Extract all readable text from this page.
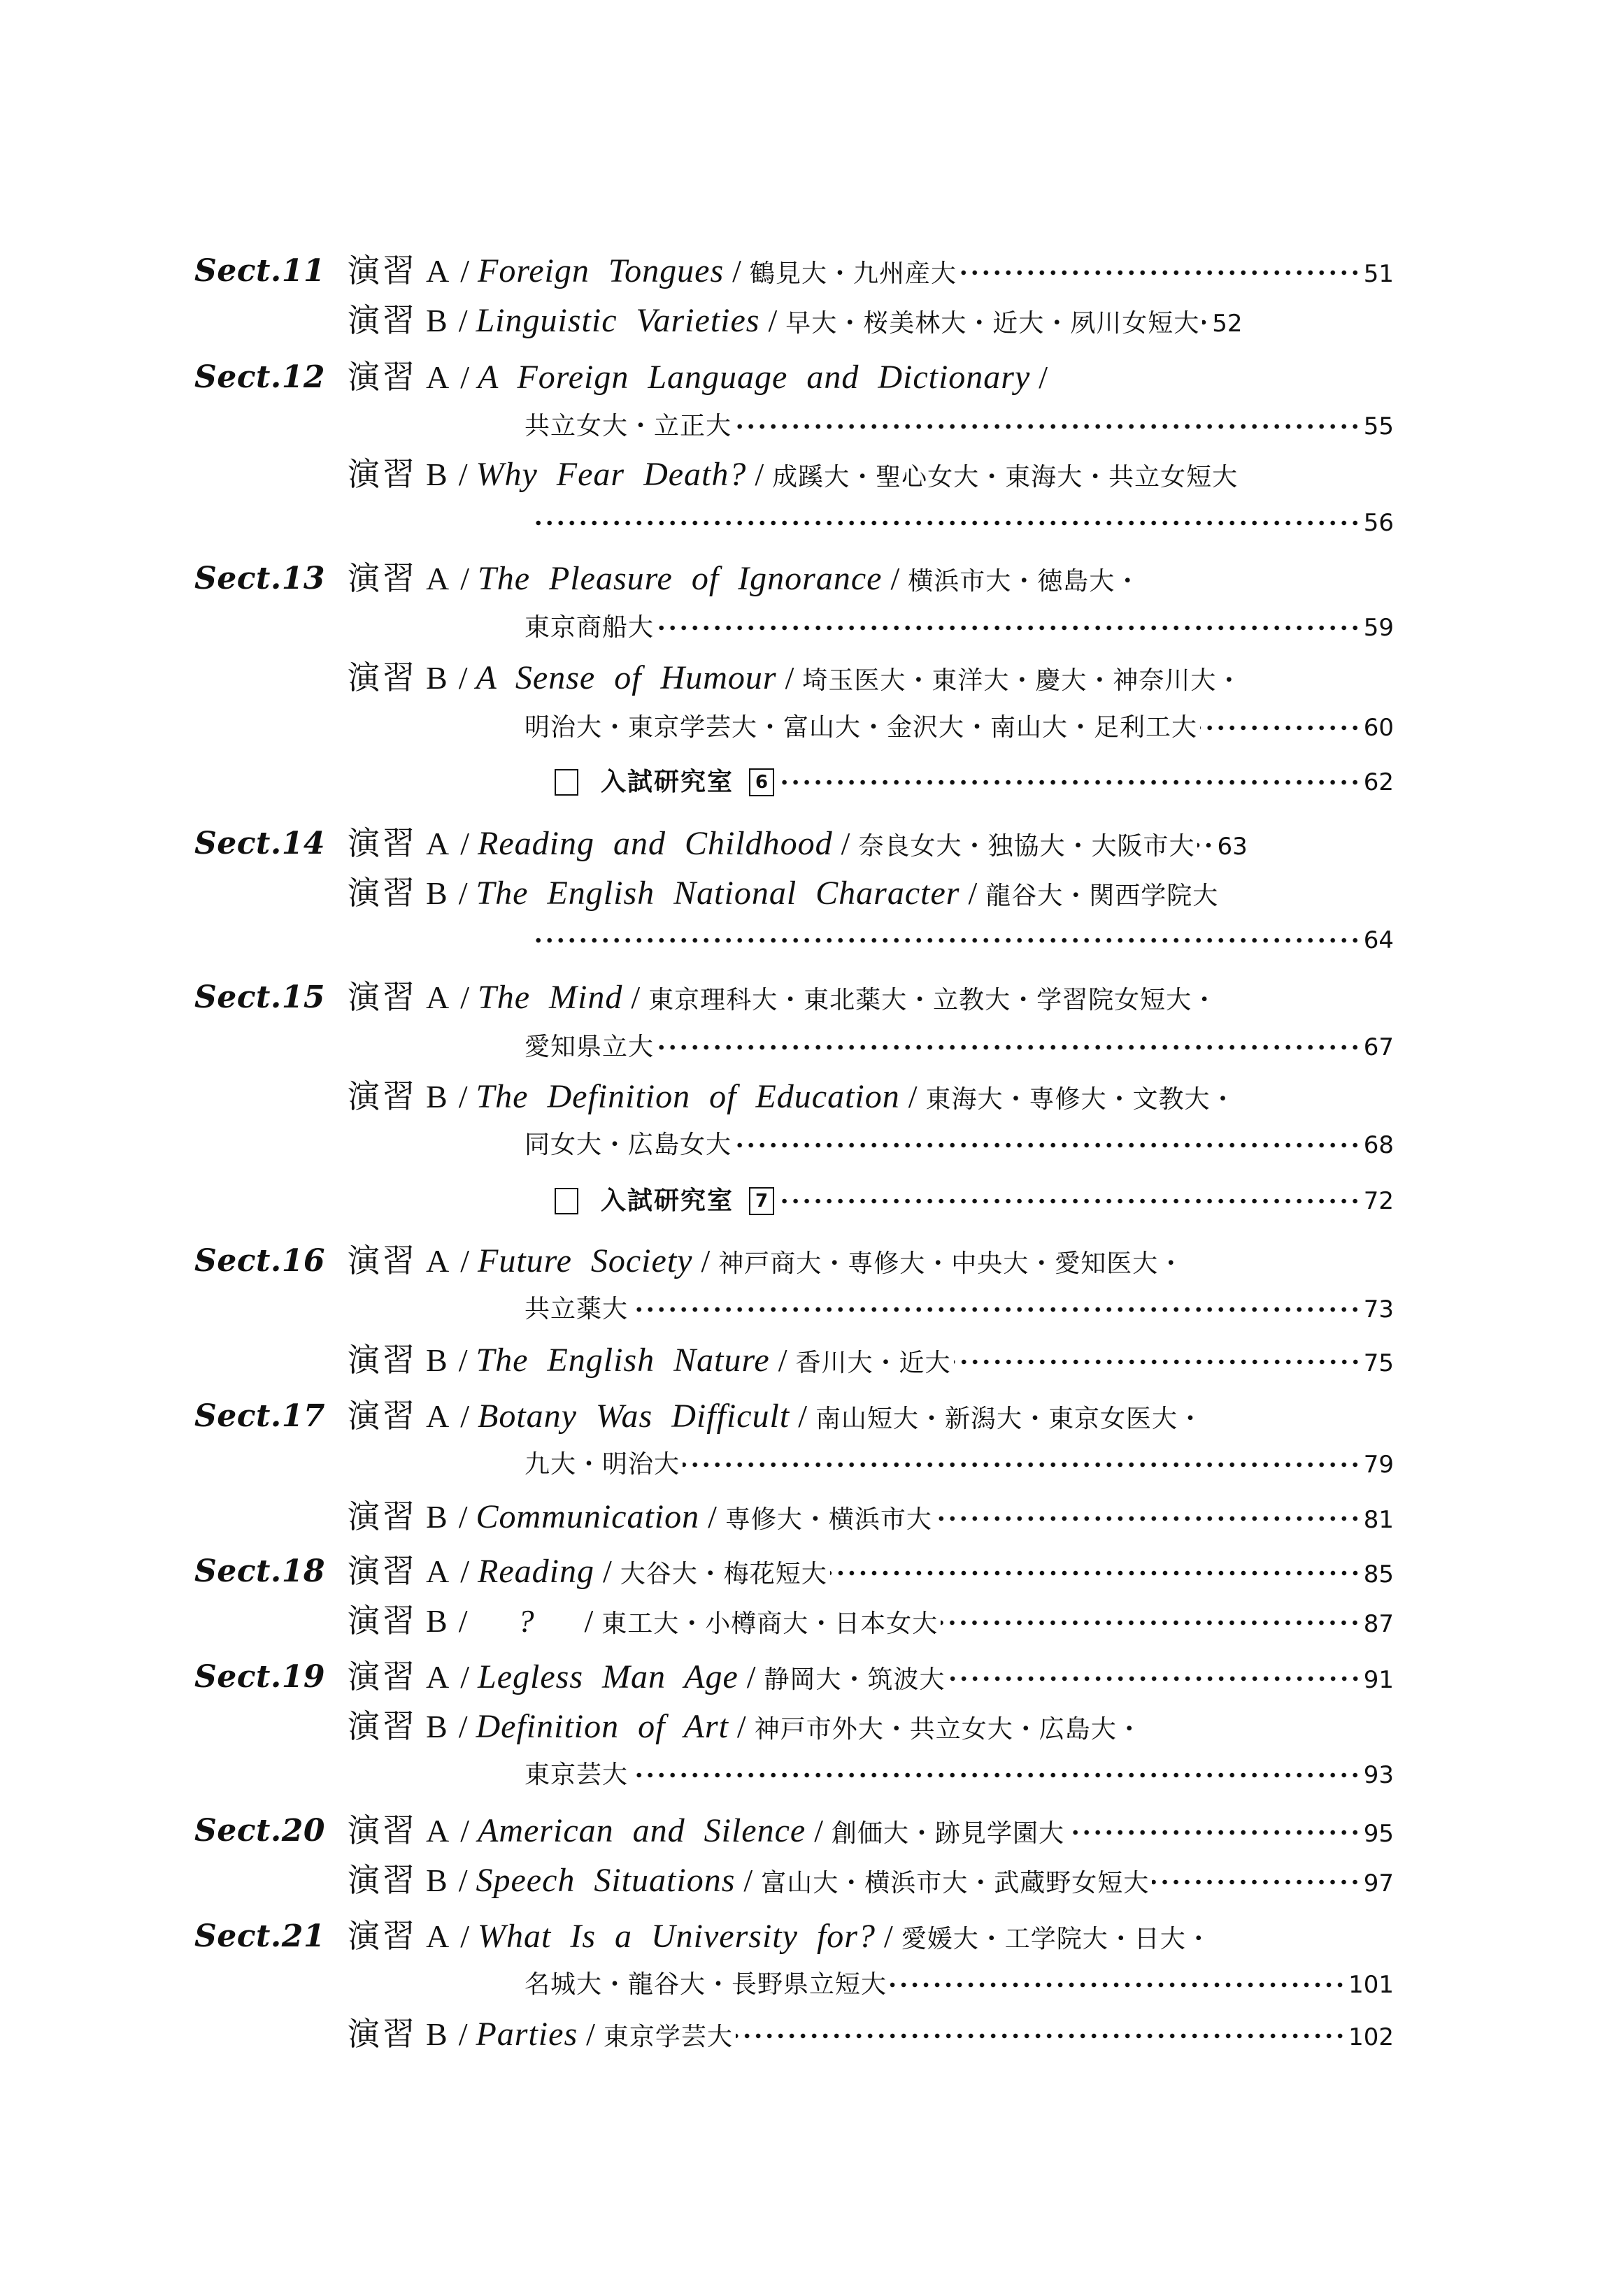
Sect.11 演習 A / Foreign Tongues / 鶴見大・九州産大	51
演習 B / Linguistic Varieties / 早大・桜美林大・近大・夙川女短大 52
Sect.12 演習 A / A Foreign Language and Dictionary /
共立女大・立正大	55
演習 B / Why Fear Death? / 成蹊大・聖心女大・東海大・共立女短大
56
Sect.13 演習 A / The Pleasure of Ignorance / 横浜市大・徳島大・
東京商船大	59
演習 B / A Sense of Humour / 埼玉医大・東洋大・慶大・神奈川大・
明治大・東京学芸大・富山大・金沢大・南山大・足利工大	60
入試研究室	6	62
Sect.14 演習 A / Reading and Childhood / 奈良女大・独協大・大阪市大 63
演習 B / The English National Character / 龍谷大・関西学院大
64
Sect.15 演習 A / The Mind / 東京理科大・東北薬大・立教大・学習院女短大・
愛知県立大	67
演習 B / The Definition of Education / 東海大・専修大・文教大・
同女大・広島女大	68
入試研究室	7	72
Sect.16 演習 A / Future Society / 神戸商大・専修大・中央大・愛知医大・
共立薬大	73
演習 B / The English Nature / 香川大・近大	75
Sect.17 演習 A / Botany Was Difficult / 南山短大・新潟大・東京女医大・
九大・明治大	79
演習 B / Communication / 専修大・横浜市大	81
Sect.18 演習 A / Reading / 大谷大・梅花短大	85
演習 B /	?	/ 東工大・小樽商大・日本女大	87
Sect.19 演習 A / Legless Man Age / 静岡大・筑波大	91
演習 B / Definition of Art / 神戸市外大・共立女大・広島大・
東京芸大	93
Sect.20 演習 A / American and Silence / 創価大・跡見学園大	95
演習 B / Speech Situations / 富山大・横浜市大・武蔵野女短大	97
Sect.21 演習 A / What Is a University for? / 愛媛大・工学院大・日大・
名城大・龍谷大・長野県立短大	101
演習 B / Parties / 東京学芸大	102
